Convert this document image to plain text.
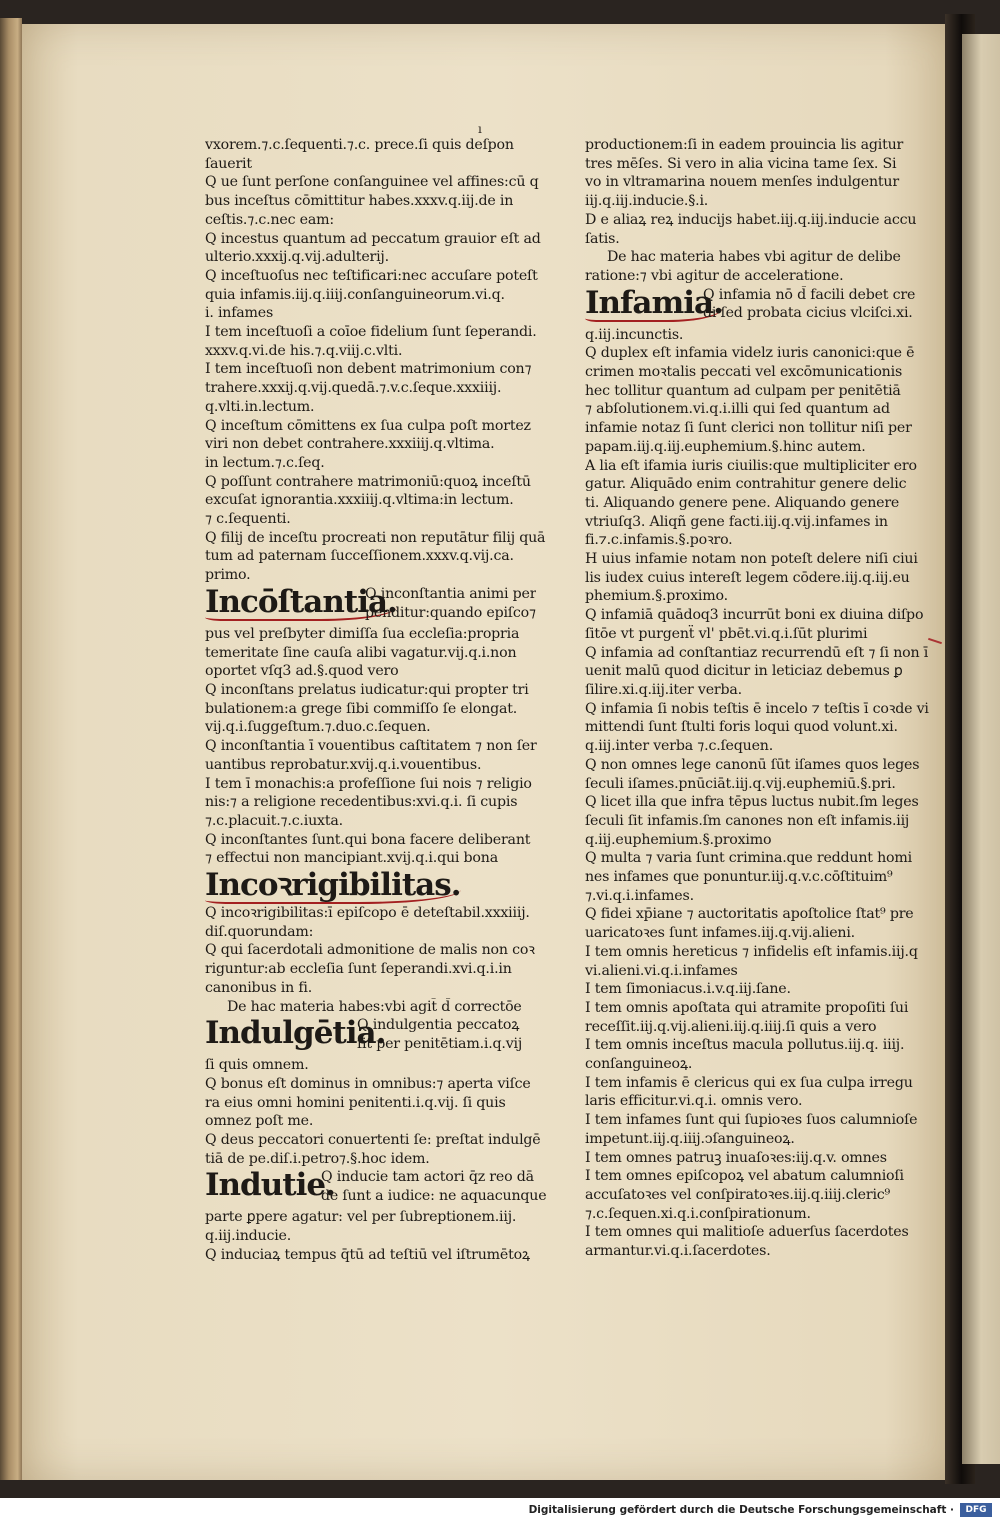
ı
vxorem.⁊.c.ſequenti.⁊.c. prece.ſi quis deſpon
ſauerit
Q ue ſunt perſone conſanguinee vel affines:cū q
bus inceſtus cōmittitur habes.xxxv.q.iij.de in
ceſtis.⁊.c.nec eam:
Q incestus quantum ad peccatum grauior eſt ad
ulterio.xxxij.q.vij.adulterij.
Q inceſtuoſus nec teſtificari:nec accuſare poteſt
quia infamis.iij.q.iiij.conſanguineorum.vi.q.
i. infames
I tem inceſtuoſi a coīoe fidelium ſunt ſeperandi.
xxxv.q.vi.de his.⁊.q.viij.c.vlti.
I tem inceſtuoſi non debent matrimonium con⁊
trahere.xxxij.q.vij.quedā.⁊.v.c.ſeque.xxxiiij.
q.vlti.in.lectum.
Q inceſtum cōmittens ex ſua culpa poſt mortez
viri non debet contrahere.xxxiiij.q.vltima.
in lectum.⁊.c.ſeq.
Q poſſunt contrahere matrimoniū:quoꝝ inceſtū
excuſat ignorantia.xxxiiij.q.vltima:in lectum.
⁊ c.ſequenti.
Q filij de inceſtu procreati non reputātur filij quā
tum ad paternam ſucceſſionem.xxxv.q.vij.ca.
primo.
Incōſtantia.
Q inconſtantia animi per
penditur:quando epiſco⁊
pus vel preſbyter dimiſſa ſua eccleſia:propria
temeritate ſine cauſa alibi vagatur.vij.q.i.non
oportet vſq3 ad.§.quod vero
Q inconſtans prelatus iudicatur:qui propter tri
bulationem:a grege ſibi commiſſo ſe elongat.
vij.q.i.ſuggeſtum.⁊.duo.c.ſequen.
Q inconſtantia ī vouentibus caſtitatem ⁊ non ſer
uantibus reprobatur.xvij.q.i.vouentibus.
I tem ī monachis:a profeſſione ſui nois ⁊ religio
nis:⁊ a religione recedentibus:xvi.q.i. ſi cupis
⁊.c.placuit.⁊.c.iuxta.
Q inconſtantes ſunt.qui bona facere deliberant
⁊ effectui non mancipiant.xvij.q.i.qui bona
Incoꝛrigibilitas.
Q incoꝛrigibilitas:ī epiſcopo ē deteſtabil.xxxiiij.
diſ.quorundam:
Q qui ſacerdotali admonitione de malis non coꝛ
riguntur:ab eccleſia ſunt ſeperandi.xvi.q.i.in
canonibus in fi.
De hac materia habes:vbi agit̄ d̄ correctōe
Indulgētia.
Q indulgentia peccatoꝝ
fit per penitētiam.i.q.vij
ſi quis omnem.
Q bonus eſt dominus in omnibus:⁊ aperta viſce
ra eius omni homini penitenti.i.q.vij. ſi quis
omnez poſt me.
Q deus peccatori conuertenti ſe: preſtat indulgē
tiā de pe.diſ.i.petro⁊.§.hoc idem.
Indutie.
Q inducie tam actori q̄z reo dā
de ſunt a iudice: ne aquacunque
parte ꝑpere agatur: vel per ſubreptionem.iij.
q.iij.inducie.
Q induciaꝝ tempus q̄tū ad teſtiū vel iſtrumētoꝝ
productionem:ſi in eadem prouincia lis agitur
tres mēſes. Si vero in alia vicina tame ſex. Si
vo in vltramarina nouem menſes indulgentur
iij.q.iij.inducie.§.i.
D e aliaꝝ reꝝ inducijs habet.iij.q.iij.inducie accu
ſatis.
De hac materia habes vbi agitur de delibe
ratione:⁊ vbi agitur de acceleratione.
Infamia.
Q infamia nō d̄ facili debet cre
di ſed probata cicius vlciſci.xi.
q.iij.incunctis.
Q duplex eſt infamia videlz iuris canonici:que ē
crimen moꝛtalis peccati vel excōmunicationis
hec tollitur quantum ad culpam per penitētiā
⁊ abſolutionem.vi.q.i.illi qui ſed quantum ad
infamie notaz ſi ſunt clerici non tollitur niſi per
papam.iij.q.iij.euphemium.§.hinc autem.
A lia eſt ifamia iuris ciuilis:que multipliciter ero
gatur. Aliquādo enim contrahitur genere delic
ti. Aliquando genere pene. Aliquando genere
vtriuſq3. Aliqñ gene facti.iij.q.vij.infames in
fi.⁊.c.infamis.§.poꝛro.
H uius infamie notam non poteſt delere niſi ciui
lis iudex cuius intereſt legem cōdere.iij.q.iij.eu
phemium.§.proximo.
Q infamiā quādoq3 incurrūt boni ex diuina diſpo
ſitōe vt purgenẗ vl' pbēt.vi.q.i.ſūt plurimi
Q infamia ad conſtantiaz recurrendū eſt ⁊ ſi non ī
uenit malū quod dicitur in leticiaz debemus ꝑ
ſilire.xi.q.iij.iter verba.
Q infamia ſi nobis teſtis ē incelo ⁊ teſtis ī coꝛde vi
mittendi ſunt ſtulti foris loqui quod volunt.xi.
q.iij.inter verba ⁊.c.ſequen.
Q non omnes lege canonū ſūt iſames quos leges
ſeculi iſames.pnūciāt.iij.q.vij.euphemiū.§.pri.
Q licet illa que infra tēpus luctus nubit.ſm leges
ſeculi ſit infamis.ſm canones non eſt infamis.iij
q.iij.euphemium.§.proximo
Q multa ⁊ varia ſunt crimina.que reddunt homi
nes infames que ponuntur.iij.q.v.c.cōſtituim⁹
⁊.vi.q.i.infames.
Q fidei xp̄iane ⁊ auctoritatis apoſtolice ſtat⁹ pre
uaricatoꝛes ſunt infames.iij.q.vij.alieni.
I tem omnis hereticus ⁊ infidelis eſt infamis.iij.q
vi.alieni.vi.q.i.infames
I tem ſimoniacus.i.v.q.iij.ſane.
I tem omnis apoſtata qui atramite propoſiti ſui
receſſit.iij.q.vij.alieni.iij.q.iiij.ſi quis a vero
I tem omnis inceſtus macula pollutus.iij.q. iiij.
conſanguineoꝝ.
I tem infamis ē clericus qui ex ſua culpa irregu
laris efficitur.vi.q.i. omnis vero.
I tem infames ſunt qui ſupioꝛes ſuos calumnioſe
impetunt.iij.q.iiij.ↄſanguineoꝝ.
I tem omnes patruꝫ inuaſoꝛes:iij.q.v. omnes
I tem omnes epiſcopoꝝ vel abatum calumnioſi
accuſatoꝛes vel conſpiratoꝛes.iij.q.iiij.cleric⁹
⁊.c.ſequen.xi.q.i.conſpirationum.
I tem omnes qui malitioſe aduerſus ſacerdotes
armantur.vi.q.i.ſacerdotes.
Digitalisierung gefördert durch die Deutsche Forschungsgemeinschaft ·	DFG
